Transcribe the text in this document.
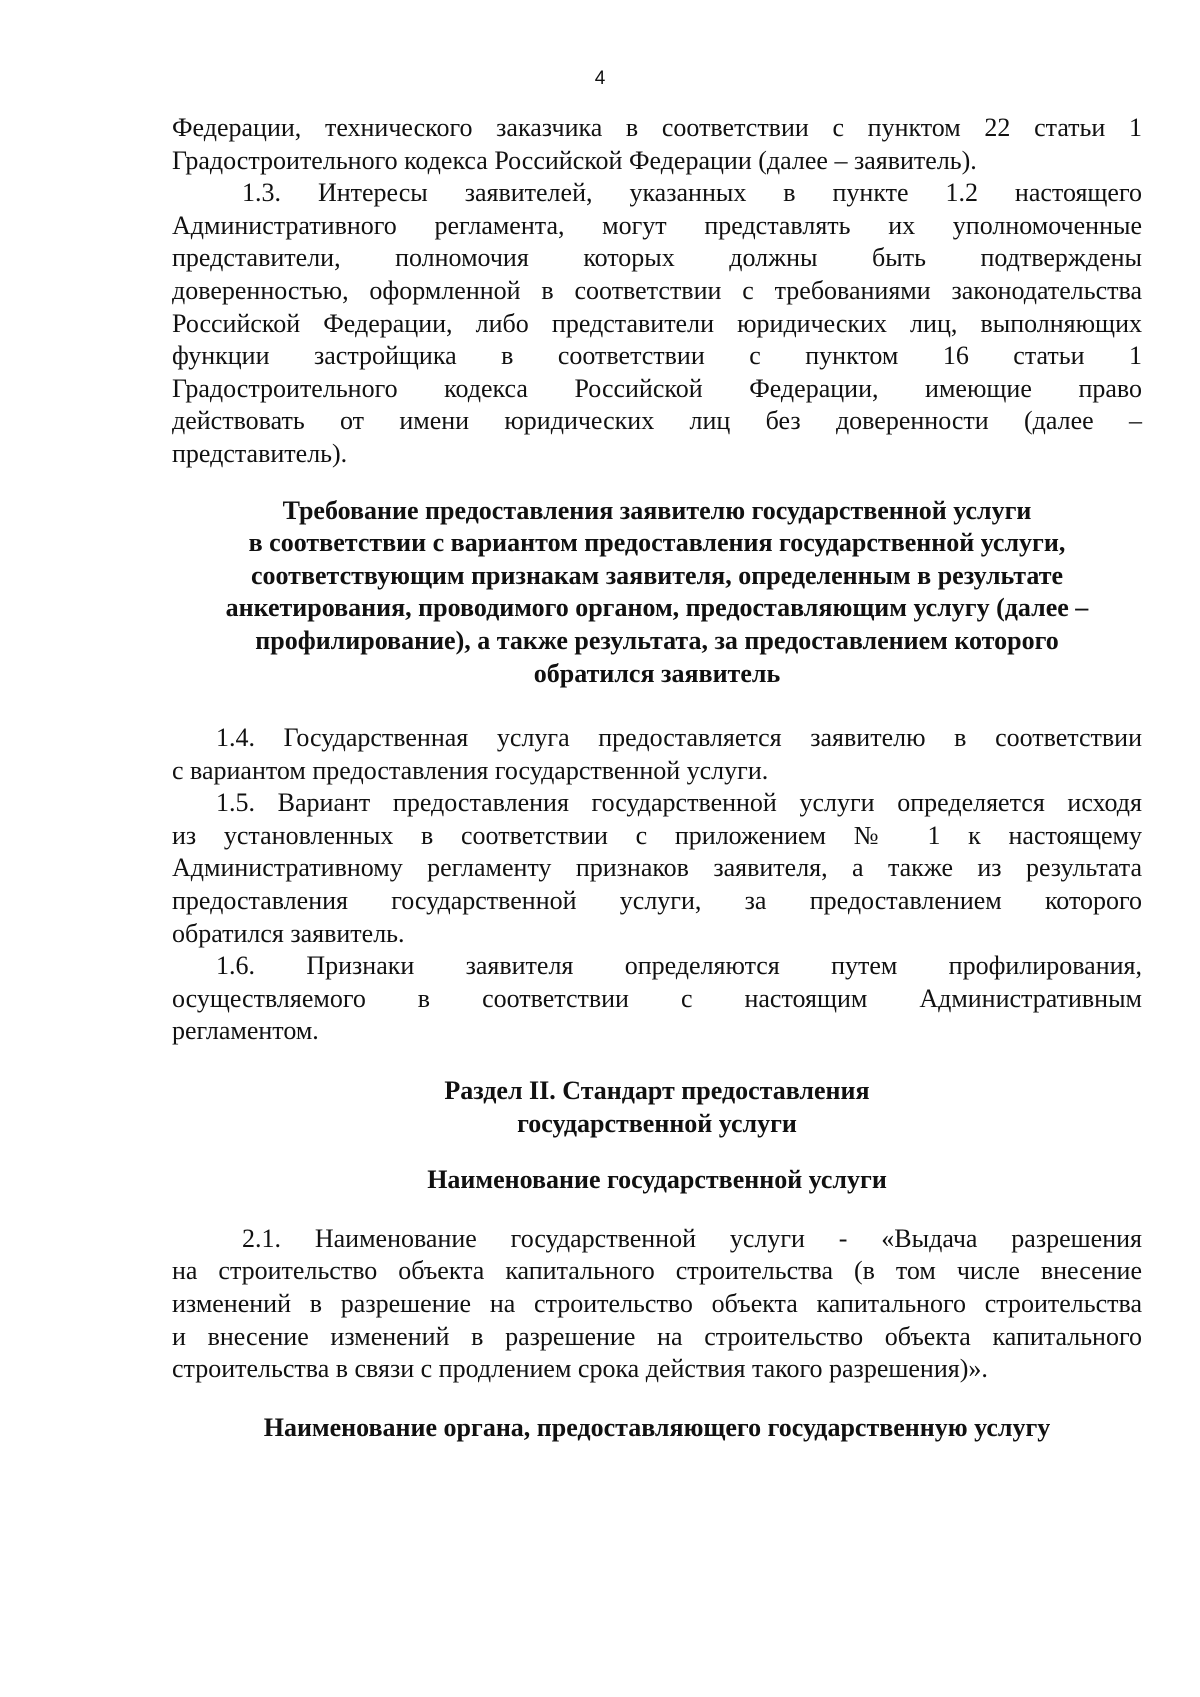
4

Федерации, технического заказчика в соответствии с пунктом 22 статьи 1

Градостроительного кодекса Российской Федерации (далее – заявитель).

1.3. Интересы заявителей, указанных в пункте 1.2 настоящего

Административного регламента, могут представлять их уполномоченные

представители, полномочия которых должны быть подтверждены

доверенностью, оформленной в соответствии с требованиями законодательства

Российской Федерации, либо представители юридических лиц, выполняющих

функции застройщика в соответствии с пунктом 16 статьи 1

Градостроительного кодекса Российской Федерации, имеющие право

действовать от имени юридических лиц без доверенности (далее –

представитель).

Требование предоставления заявителю государственной услуги
в соответствии с вариантом предоставления государственной услуги,
соответствующим признакам заявителя, определенным в результате
анкетирования, проводимого органом, предоставляющим услугу (далее –
профилирование), а также результата, за предоставлением которого
обратился заявитель

1.4. Государственная услуга предоставляется заявителю в соответствии

с вариантом предоставления государственной услуги.

1.5. Вариант предоставления государственной услуги определяется исходя

из установленных в соответствии с приложением № 1 к настоящему

Административному регламенту признаков заявителя, а также из результата

предоставления государственной услуги, за предоставлением которого

обратился заявитель.

1.6. Признаки заявителя определяются путем профилирования,

осуществляемого в соответствии с настоящим Административным

регламентом.

Раздел II. Стандарт предоставления
государственной услуги
Наименование государственной услуги

2.1. Наименование государственной услуги - «Выдача разрешения

на строительство объекта капитального строительства (в том числе внесение

изменений в разрешение на строительство объекта капитального строительства

и внесение изменений в разрешение на строительство объекта капитального

строительства в связи с продлением срока действия такого разрешения)».

Наименование органа, предоставляющего государственную услугу
